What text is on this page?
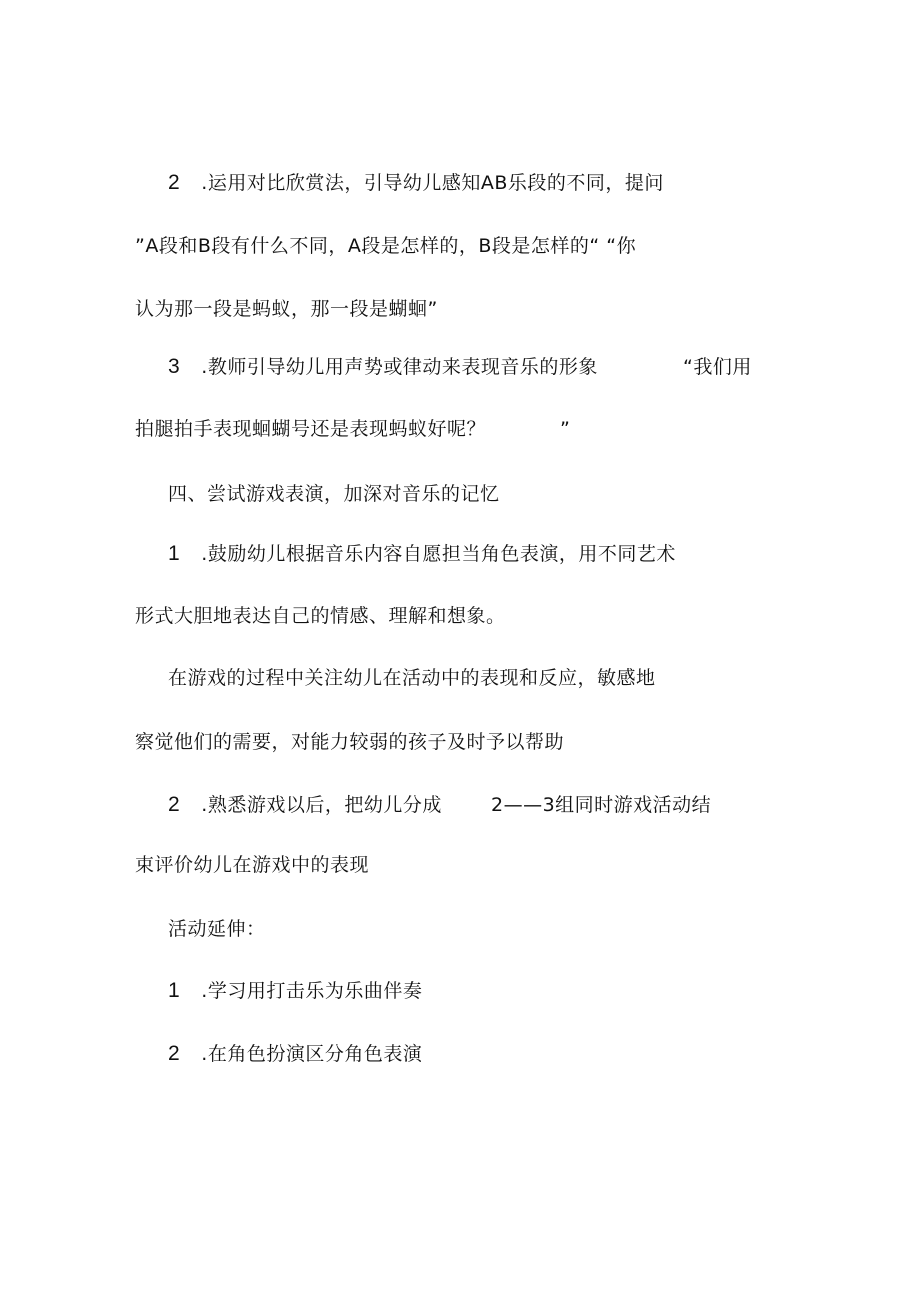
2 .运用对比欣赏法，引导幼儿感知AB乐段的不同，提问
”A段和B段有什么不同，A段是怎样的，B段是怎样的“ “你
认为那一段是蚂蚁，那一段是蝴蛔”
3 .教师引导幼儿用声势或律动来表现音乐的形象	“我们用
拍腿拍手表现蛔蝴号还是表现蚂蚁好呢？	”
四、尝试游戏表演，加深对音乐的记忆
1 .鼓励幼儿根据音乐内容自愿担当角色表演，用不同艺术
形式大胆地表达自己的情感、理解和想象。
在游戏的过程中关注幼儿在活动中的表现和反应，敏感地
察觉他们的需要，对能力较弱的孩子及时予以帮助
2 .熟悉游戏以后，把幼儿分成	2——3组同时游戏活动结
束评价幼儿在游戏中的表现
活动延伸：
1 .学习用打击乐为乐曲伴奏
2 .在角色扮演区分角色表演
